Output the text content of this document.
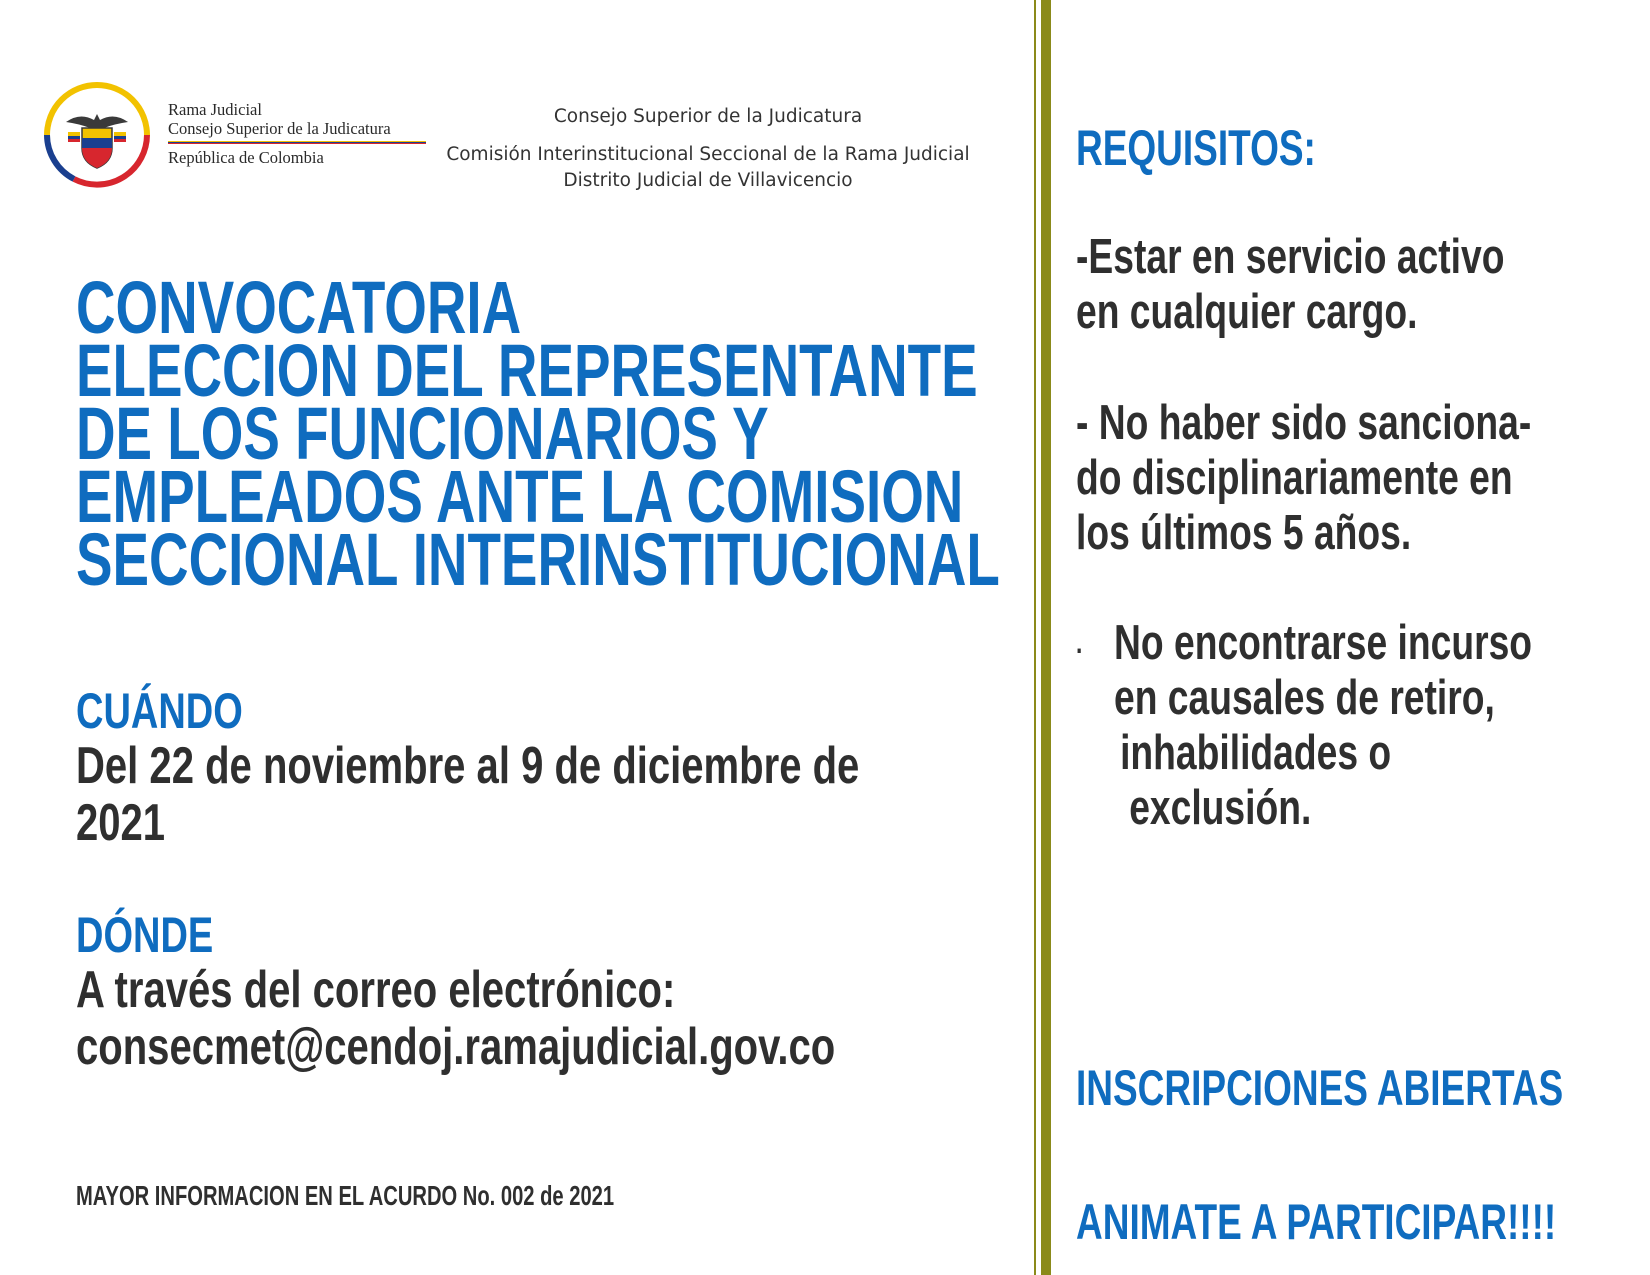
Rama Judicial
Consejo Superior de la Judicatura
República de Colombia
Consejo Superior de la Judicatura
Comisión Interinstitucional Seccional de la Rama Judicial
Distrito Judicial de Villavicencio
CONVOCATORIA
ELECCION DEL REPRESENTANTE
DE LOS FUNCIONARIOS Y
EMPLEADOS ANTE LA COMISION
SECCIONAL INTERINSTITUCIONAL
CUÁNDO
Del 22 de noviembre al 9 de diciembre de
2021
DÓNDE
A través del correo electrónico:
consecmet@cendoj.ramajudicial.gov.co
MAYOR INFORMACION EN EL ACURDO No. 002 de 2021
REQUISITOS:
-Estar en servicio activo
en cualquier cargo.
- No haber sido sanciona-
do disciplinariamente en
los últimos 5 años.
. No encontrarse incurso
en causales de retiro,
inhabilidades o
exclusión.
INSCRIPCIONES ABIERTAS
ANIMATE A PARTICIPAR!!!!
